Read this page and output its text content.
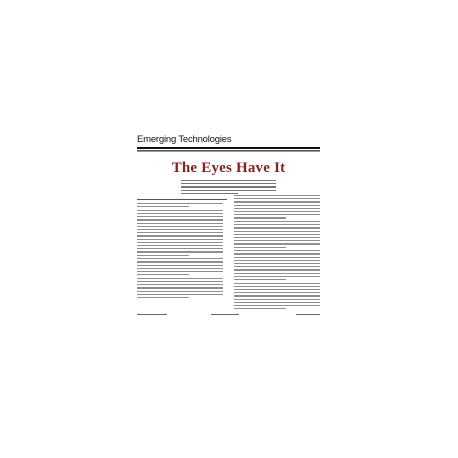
Emerging Technologies
The Eyes Have It
